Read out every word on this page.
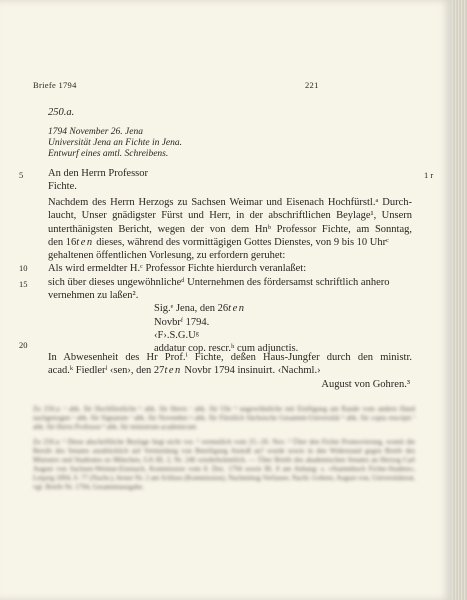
Briefe 1794	221
250.a.
1794 November 26. Jena
Universität Jena an Fichte in Jena.
Entwurf eines amtl. Schreibens.
5
10
15
20
1 r
An den Herrn Professor
Fichte.
Nachdem des Herrn Herzogs zu Sachsen Weimar und Eisenach Hochfürstl.ᵃ Durch-
laucht, Unser gnädigster Fürst und Herr, in der abschriftlichen Beylage¹, Unsern
unterthänigsten Bericht, wegen der von dem Hnᵇ Professor Fichte, am Sonntag,
den 16ten dieses, während des vormittägigen Gottes Dienstes, von 9 bis 10 Uhrᶜ
gehaltenen öffentlichen Vorlesung, zu erfordern geruhet:
Als wird ermeldter H.ᶜ Professor Fichte hierdurch veranlaßet:
sich über dieses ungewöhnlicheᵈ Unternehmen des fördersamst schriftlich anhero
vernehmen zu laßen².
Sig.ᵉ Jena, den 26ten
Novbrᶠ 1794.
‹F›.S.G.Uᵍ
addatur cop. rescr.ʰ cum adjunctis.
In Abwesenheit des Hr Prof.ⁱ Fichte, deßen Haus-Jungfer durch den ministr.
acad.ᵏ Fiedlerˡ ‹sen›, den 27ten Novbr 1794 insinuirt. ‹Nachml.›
August von Gohren.³

Zu 250.a: ᵃ abk. für Hochfürstliche ᵇ abk. für Herrn ᶜ abk. für Uhr ᵈ ungewöhnliche mit Einfügung am Rande vom andern Hand nachgetragen ᵉ abk. für Signatum ᶠ abk. für November ᵍ abk. für Fürstlich Sächsische Gesammt-Universität ʰ abk. für copia rescripti ⁱ abk. für Herrn Professor ᵏ abk. für ministrum academicum

Zu 250.a: ¹ Diese abschriftliche Beylage liegt nicht vor. ² vermutlich vom 25.–26. Nov. ³ Über den Fichte Promovierung, womit die Berufe des Senates ausdrücklich auf Vermeidung von Beteiligung Anstoß an? wurde sowie in den Widerstand gegen Briefe des Ministers und Stadtrates zu München, GA III, 2, Nr. 246 wiederholentlich. — Über Briefe des akademischen Senates an Herzog Carl August von Sachsen-Weimar-Eisenach, Kommission vom 8. Dez. 1794 sowie Bl. 8 am Anhang: s. »Stammbuch Fichte-Studien«, Leipzig 1894, S. 77 (Nachr.), ferner Nr. 2 am Schluss (Kommission), Nachmittag Verfasser, Nachl. Gohren, August von, Universitätsrat, vgl. Briefe Nr. 1794, Gesammtausgabe.
